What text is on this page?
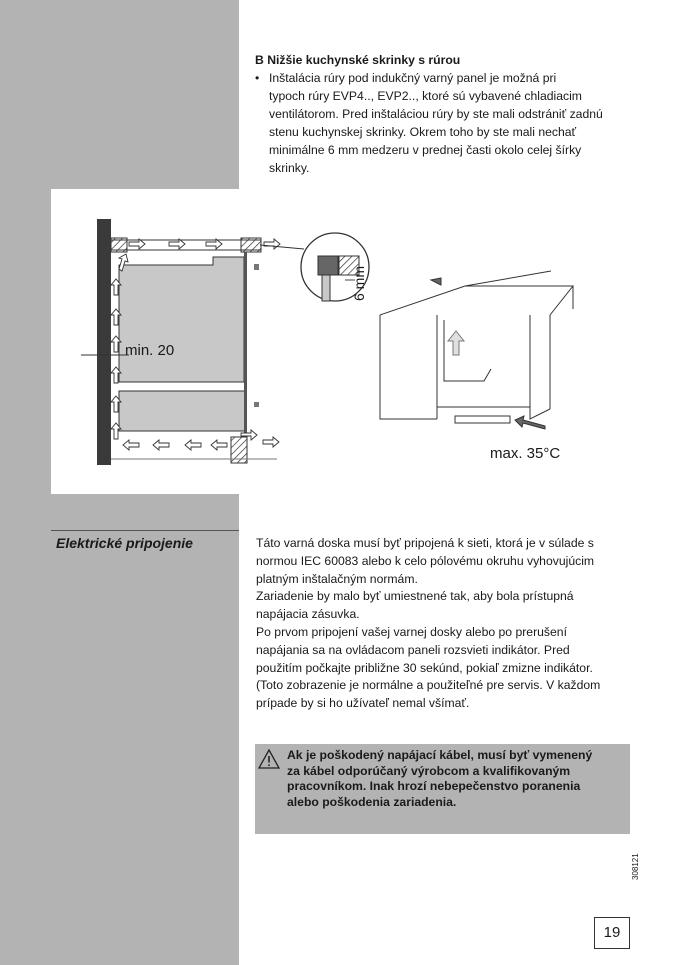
B Nižšie kuchynské skrinky s rúrou
• Inštalácia rúry pod indukčný varný panel je možná pri
typoch rúry EVP4.., EVP2.., ktoré sú vybavené chladiacim
ventilátorom. Pred inštaláciou rúry by ste mali odstrániť zadnú
stenu kuchynskej skrinky. Okrem toho by ste mali nechať
minimálne 6 mm medzeru v prednej časti okolo celej šírky
skrinky.
min. 20
6 mm
max. 35°C
Elektrické pripojenie	Táto varná doska musí byť pripojená k sieti, ktorá je v súlade s

normou IEC 60083 alebo k celo pólovému okruhu vyhovujúcim

platným inštalačným normám.

Zariadenie by malo byť umiestnené tak, aby bola prístupná

napájacia zásuvka.

Po prvom pripojení vašej varnej dosky alebo po prerušení

napájania sa na ovládacom paneli rozsvieti indikátor. Pred

použitím počkajte približne 30 sekúnd, pokiaľ zmizne indikátor.

(Toto zobrazenie je normálne a použiteľné pre servis. V každom

prípade by si ho užívateľ nemal všímať.

Ak je poškodený napájací kábel, musí byť vymenený
za kábel odporúčaný výrobcom a kvalifikovaným
pracovníkom. Inak hrozí nebepečenstvo poranenia
alebo poškodenia zariadenia.
308121
19
